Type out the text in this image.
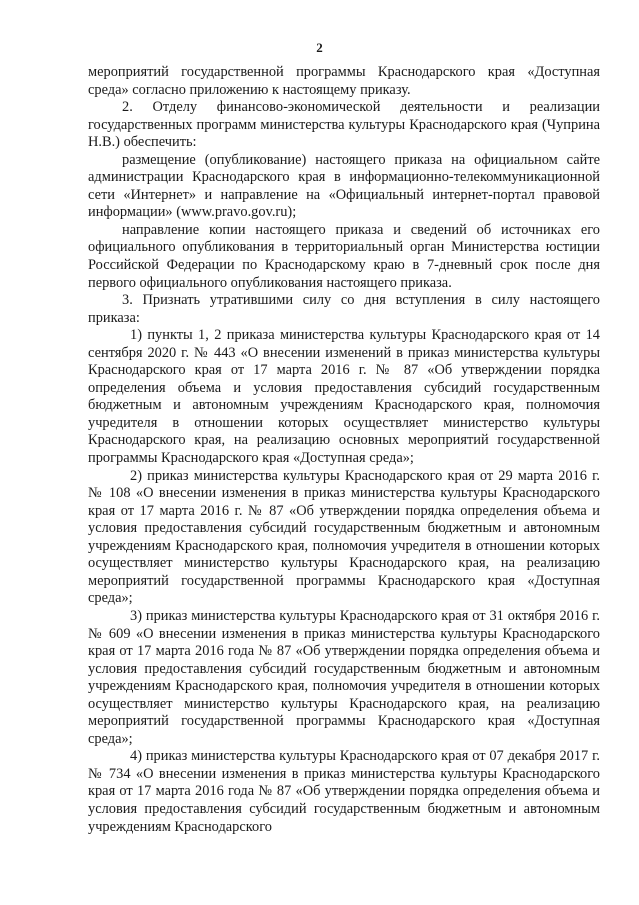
2

мероприятий государственной программы Краснодарского края «Доступная среда» согласно приложению к настоящему приказу.

2. Отделу финансово-экономической деятельности и реализации государственных программ министерства культуры Краснодарского края (Чуприна Н.В.) обеспечить:

размещение (опубликование) настоящего приказа на официальном сайте администрации Краснодарского края в информационно-телекоммуникационной сети «Интернет» и направление на «Официальный интернет-портал правовой информации» (www.pravo.gov.ru);

направление копии настоящего приказа и сведений об источниках его официального опубликования в территориальный орган Министерства юстиции Российской Федерации по Краснодарскому краю в 7-дневный срок после дня первого официального опубликования настоящего приказа.

3. Признать утратившими силу со дня вступления в силу настоящего приказа:

1) пункты 1, 2 приказа министерства культуры Краснодарского края от 14 сентября 2020 г. № 443 «О внесении изменений в приказ министерства культуры Краснодарского края от 17 марта 2016 г. № 87 «Об утверждении порядка определения объема и условия предоставления субсидий государственным бюджетным и автономным учреждениям Краснодарского края, полномочия учредителя в отношении которых осуществляет министерство культуры Краснодарского края, на реализацию основных мероприятий государственной программы Краснодарского края «Доступная среда»;

2) приказ министерства культуры Краснодарского края от 29 марта 2016 г. № 108 «О внесении изменения в приказ министерства культуры Краснодарского края от 17 марта 2016 г. № 87 «Об утверждении порядка определения объема и условия предоставления субсидий государственным бюджетным и автономным учреждениям Краснодарского края, полномочия учредителя в отношении которых осуществляет министерство культуры Краснодарского края, на реализацию мероприятий государственной программы Краснодарского края «Доступная среда»;

3) приказ министерства культуры Краснодарского края от 31 октября 2016 г. № 609 «О внесении изменения в приказ министерства культуры Краснодарского края от 17 марта 2016 года № 87 «Об утверждении порядка определения объема и условия предоставления субсидий государственным бюджетным и автономным учреждениям Краснодарского края, полномочия учредителя в отношении которых осуществляет министерство культуры Краснодарского края, на реализацию мероприятий государственной программы Краснодарского края «Доступная среда»;

4) приказ министерства культуры Краснодарского края от 07 декабря 2017 г. № 734 «О внесении изменения в приказ министерства культуры Краснодарского края от 17 марта 2016 года № 87 «Об утверждении порядка определения объема и условия предоставления субсидий государственным бюджетным и автономным учреждениям Краснодарского
